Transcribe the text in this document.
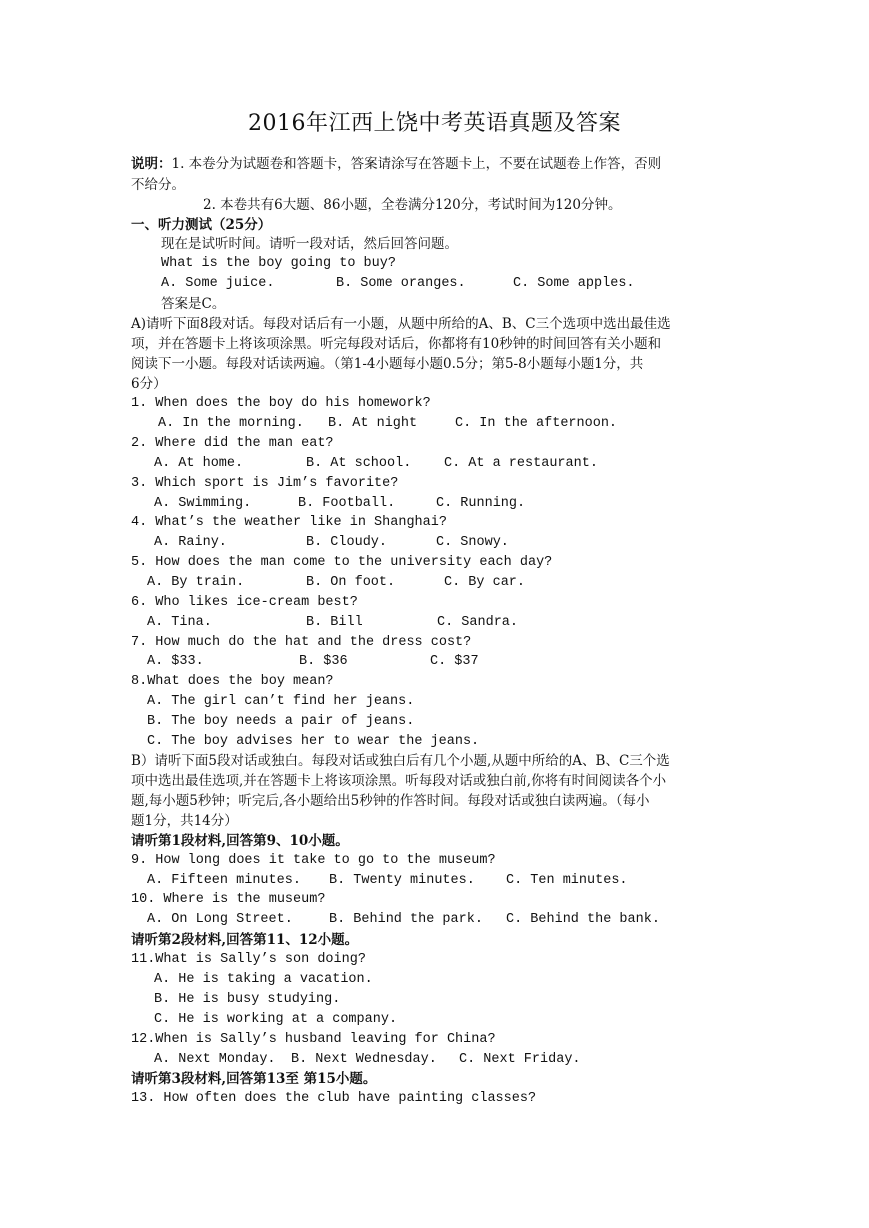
2016年江西上饶中考英语真题及答案
说明：1. 本卷分为试题卷和答题卡，答案请涂写在答题卡上，不要在试题卷上作答，否则
不给分。
2. 本卷共有6大题、86小题，全卷满分120分，考试时间为120分钟。
一、听力测试（25分）
现在是试听时间。请听一段对话，然后回答问题。
What is the boy going to buy?
A. Some juice.	B. Some oranges.	C. Some apples.
答案是C。
A)请听下面8段对话。每段对话后有一小题，从题中所给的A、B、C三个选项中选出最佳选
项，并在答题卡上将该项涂黑。听完每段对话后，你都将有10秒钟的时间回答有关小题和
阅读下一小题。每段对话读两遍。（第1-4小题每小题0.5分；第5-8小题每小题1分，共
6分）
1. When does the boy do his homework?
A. In the morning. B. At night	C. In the afternoon.
2. Where did the man eat?
A. At home.	B. At school. C. At a restaurant.
3. Which sport is Jim’s favorite?
A. Swimming.	B. Football.	C. Running.
4. What’s the weather like in Shanghai?
A. Rainy.	B. Cloudy.	C. Snowy.
5. How does the man come to the university each day?
A. By train.	B. On foot.	C. By car.
6. Who likes ice-cream best?
A. Tina.	B. Bill	C. Sandra.
7. How much do the hat and the dress cost?
A. $33.	B. $36	C. $37
8.What does the boy mean?
A. The girl can’t find her jeans.
B. The boy needs a pair of jeans.
C. The boy advises her to wear the jeans.
B）请听下面5段对话或独白。每段对话或独白后有几个小题,从题中所给的A、B、C三个选
项中选出最佳选项,并在答题卡上将该项涂黑。听每段对话或独白前,你将有时间阅读各个小
题,每小题5秒钟；听完后,各小题给出5秒钟的作答时间。每段对话或独白读两遍。（每小
题1分，共14分）
请听第1段材料,回答第9、10小题。
9. How long does it take to go to the museum?
A. Fifteen minutes. B. Twenty minutes. C. Ten minutes.
10. Where is the museum?
A. On Long Street.	B. Behind the park. C. Behind the bank.
请听第2段材料,回答第11、12小题。
11.What is Sally’s son doing?
A. He is taking a vacation.
B. He is busy studying.
C. He is working at a company.
12.When is Sally’s husband leaving for China?
A. Next Monday. B. Next Wednesday. C. Next Friday.
请听第3段材料,回答第13至 第15小题。
13. How often does the club have painting classes?
